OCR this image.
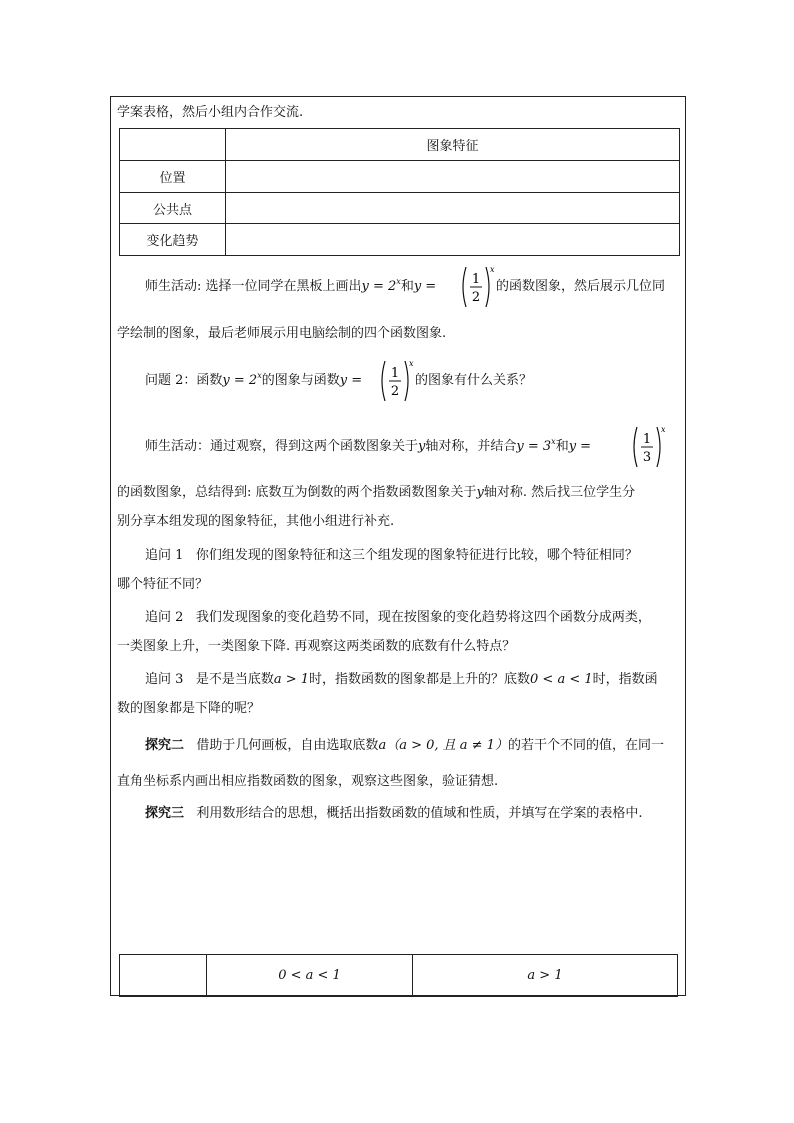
学案表格，然后小组内合作交流.
	图象特征
位置	
公共点	
变化趋势	
师生活动: 选择一位同学在黑板上画出$y = 2^x$和y =	1
2
x
的函数图象，然后展示几位同
学绘制的图象，最后老师展示用电脑绘制的四个函数图象.
问题 2：函数$y = 2^x$的图象与函数y = 1
2
x
的图象有什么关系？
师生活动：通过观察，得到这两个函数图象关于y轴对称，并结合$y = 3^x$和y =	1
3
x
的函数图象，总结得到: 底数互为倒数的两个指数函数图象关于y轴对称. 然后找三位学生分
别分享本组发现的图象特征，其他小组进行补充.
追问 1 你们组发现的图象特征和这三个组发现的图象特征进行比较，哪个特征相同？
哪个特征不同？
追问 2 我们发现图象的变化趋势不同，现在按图象的变化趋势将这四个函数分成两类，
一类图象上升，一类图象下降. 再观察这两类函数的底数有什么特点？
追问 3 是不是当底数a > 1时，指数函数的图象都是上升的？底数0 < a < 1时，指数函
数的图象都是下降的呢？
探究二 借助于几何画板，自由选取底数a（a > 0, 且 a ≠ 1）的若干个不同的值，在同一
直角坐标系内画出相应指数函数的图象，观察这些图象，验证猜想.
探究三 利用数形结合的思想，概括出指数函数的值域和性质，并填写在学案的表格中.
	0 < a < 1	a > 1
